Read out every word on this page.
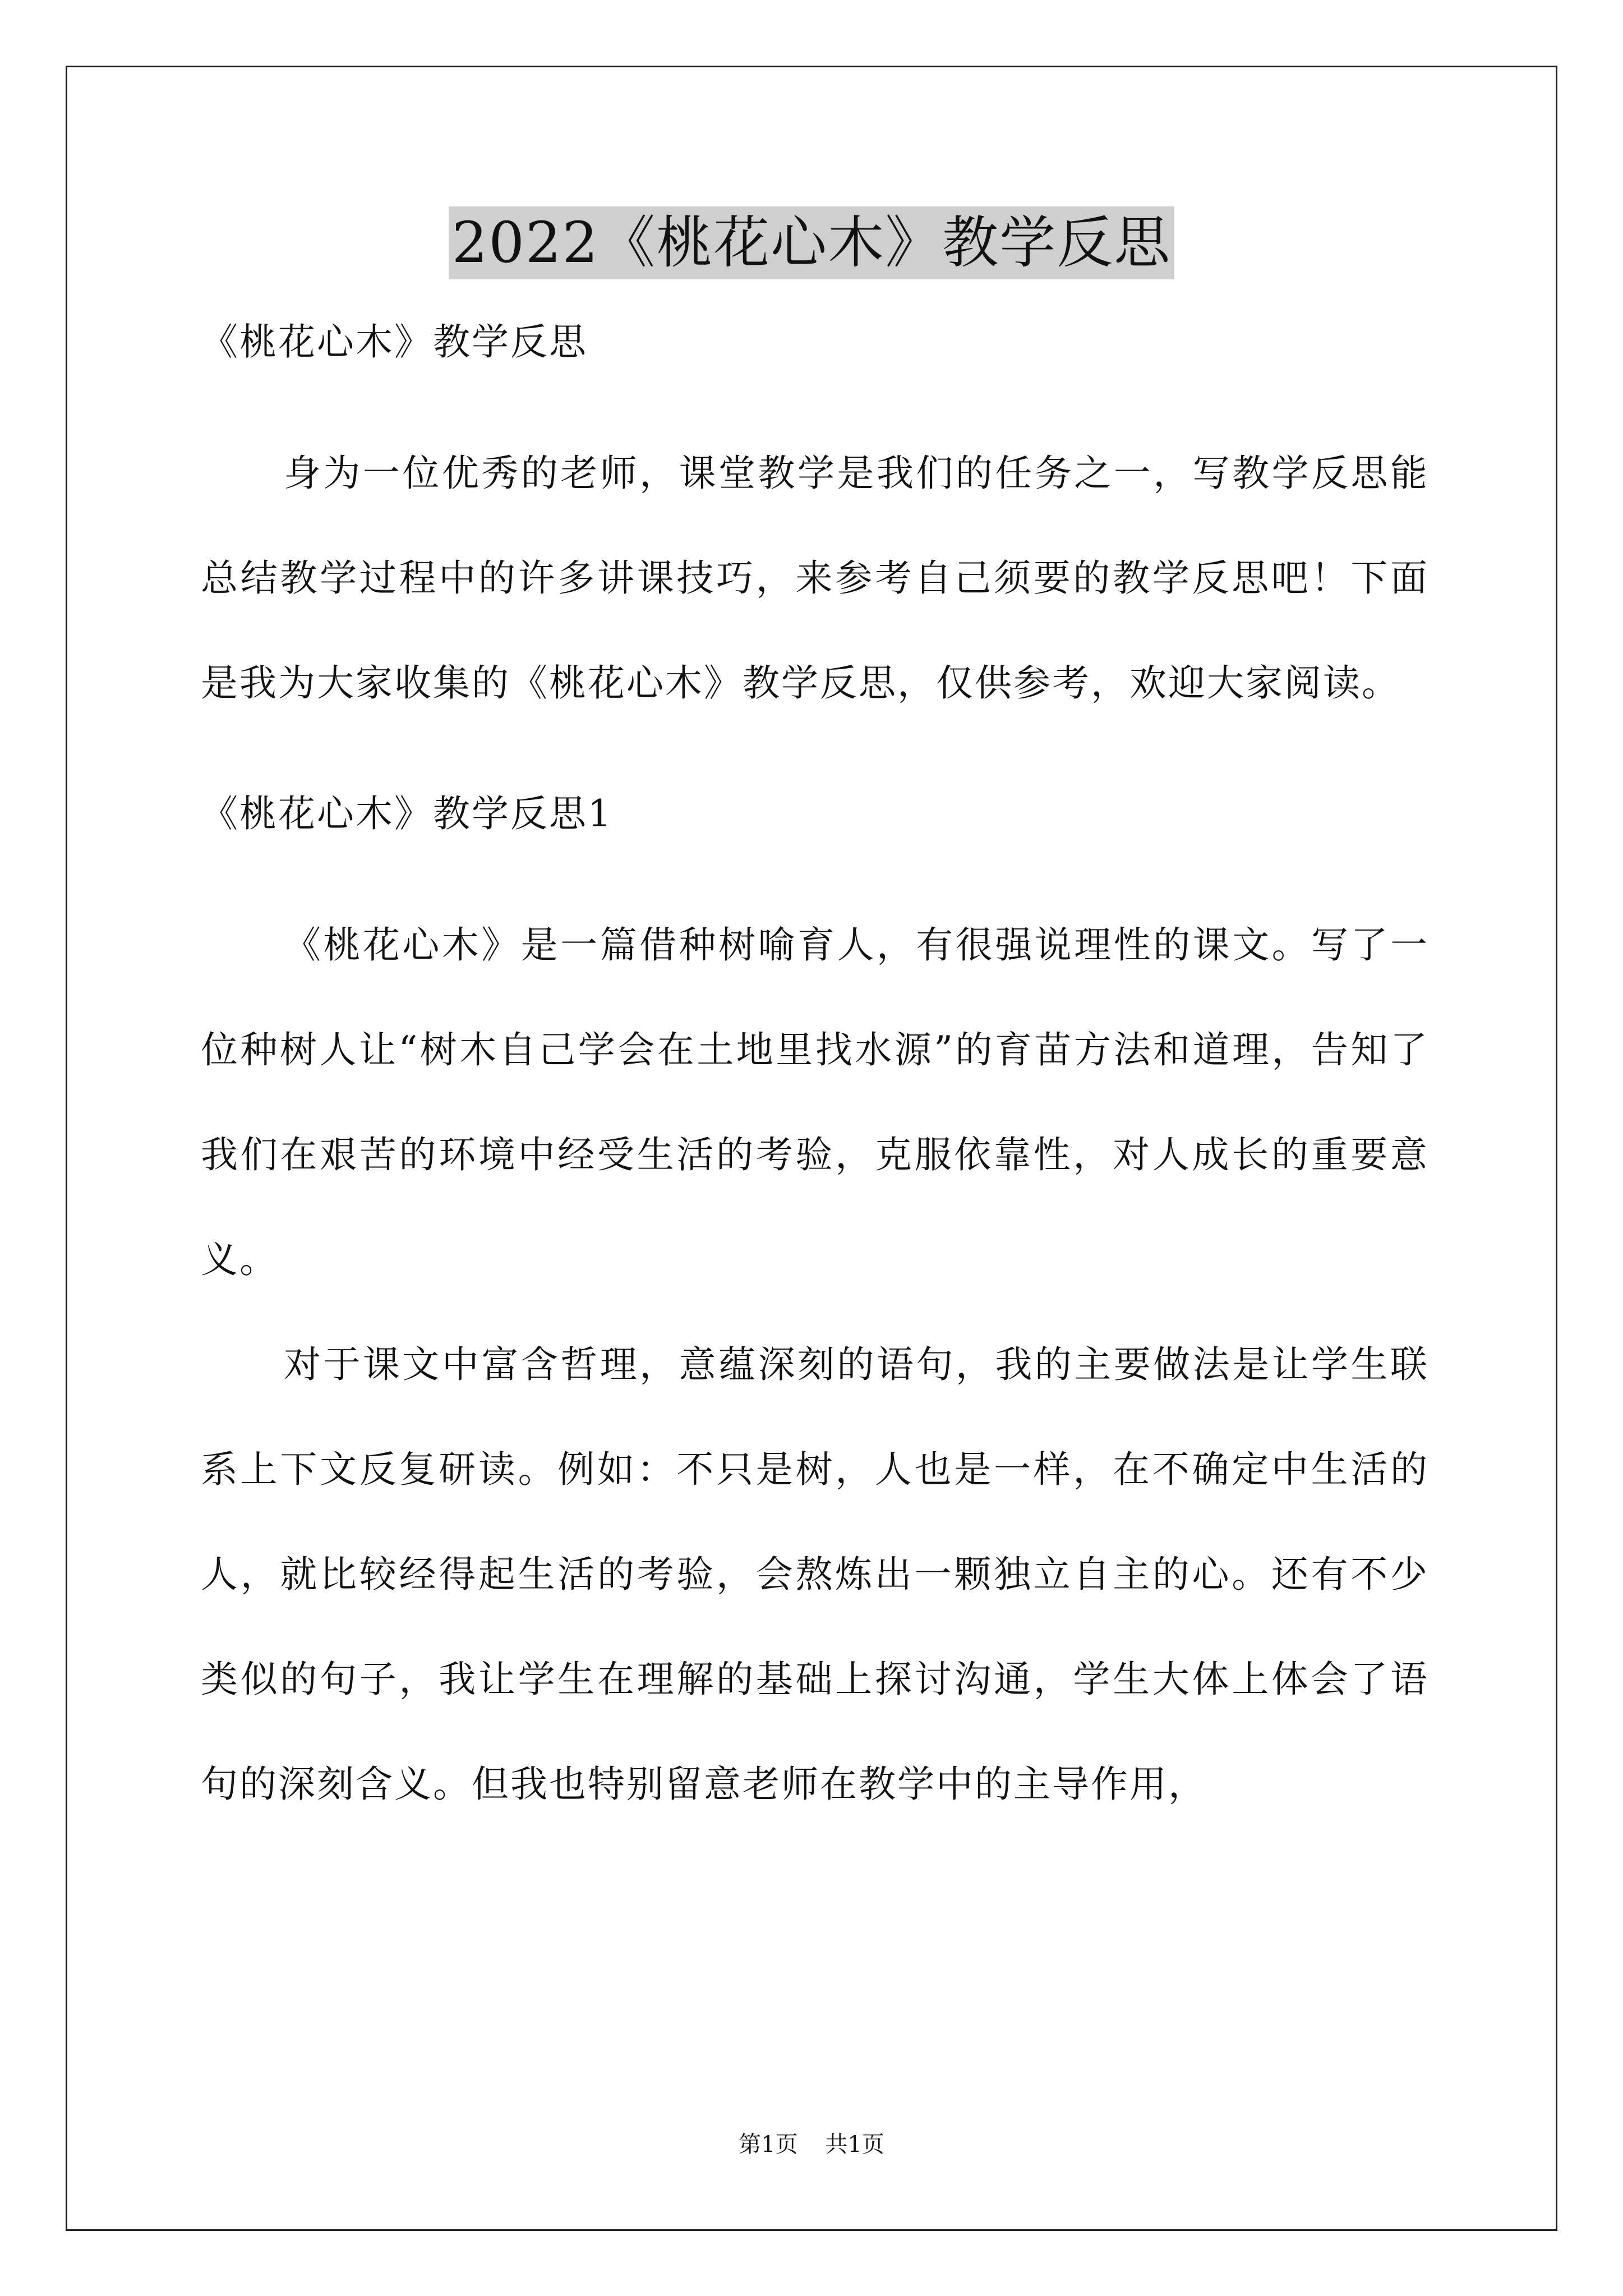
2022《桃花心木》教学反思
《桃花心木》教学反思

身为一位优秀的老师，课堂教学是我们的任务之一，写教学反思能总结教学过程中的许多讲课技巧，来参考自己须要的教学反思吧！下面是我为大家收集的《桃花心木》教学反思，仅供参考，欢迎大家阅读。

《桃花心木》教学反思1

《桃花心木》是一篇借种树喻育人，有很强说理性的课文。写了一位种树人让“树木自己学会在土地里找水源”的育苗方法和道理，告知了我们在艰苦的环境中经受生活的考验，克服依靠性，对人成长的重要意义。

对于课文中富含哲理，意蕴深刻的语句，我的主要做法是让学生联系上下文反复研读。例如：不只是树，人也是一样，在不确定中生活的人，就比较经得起生活的考验，会熬炼出一颗独立自主的心。还有不少类似的句子，我让学生在理解的基础上探讨沟通，学生大体上体会了语句的深刻含义。但我也特别留意老师在教学中的主导作用，

第1页 共1页
